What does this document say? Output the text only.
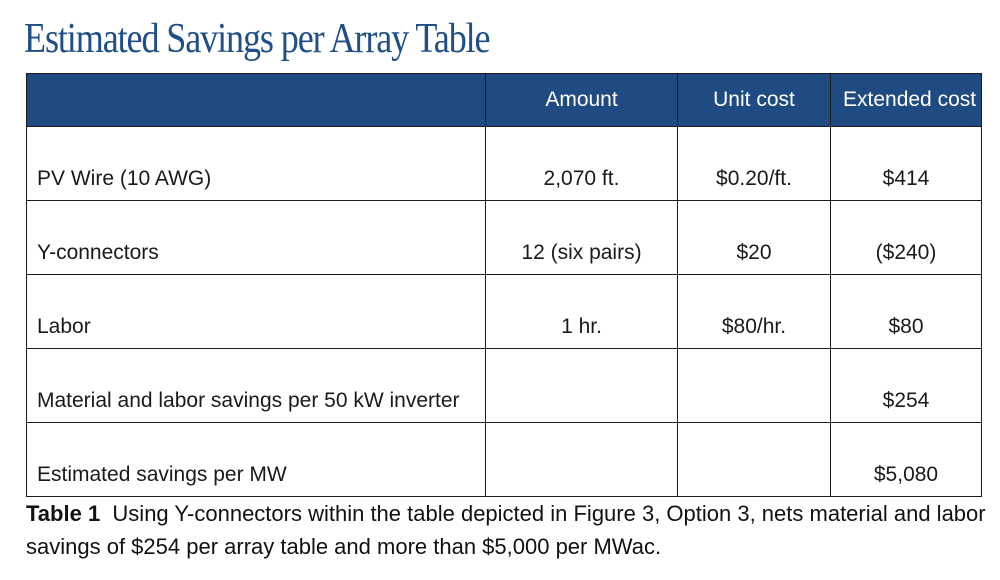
Estimated Savings per Array Table
	Amount	Unit cost	Extended cost
PV Wire (10 AWG)	2,070 ft.	$0.20/ft.	$414
Y-connectors	12 (six pairs)	$20	($240)
Labor	1 hr.	$80/hr.	$80
Material and labor savings per 50 kW inverter			$254
Estimated savings per MW			$5,080
Table 1 Using Y-connectors within the table depicted in Figure 3, Option 3, nets material and labor savings of $254 per array table and more than $5,000 per MWac.
